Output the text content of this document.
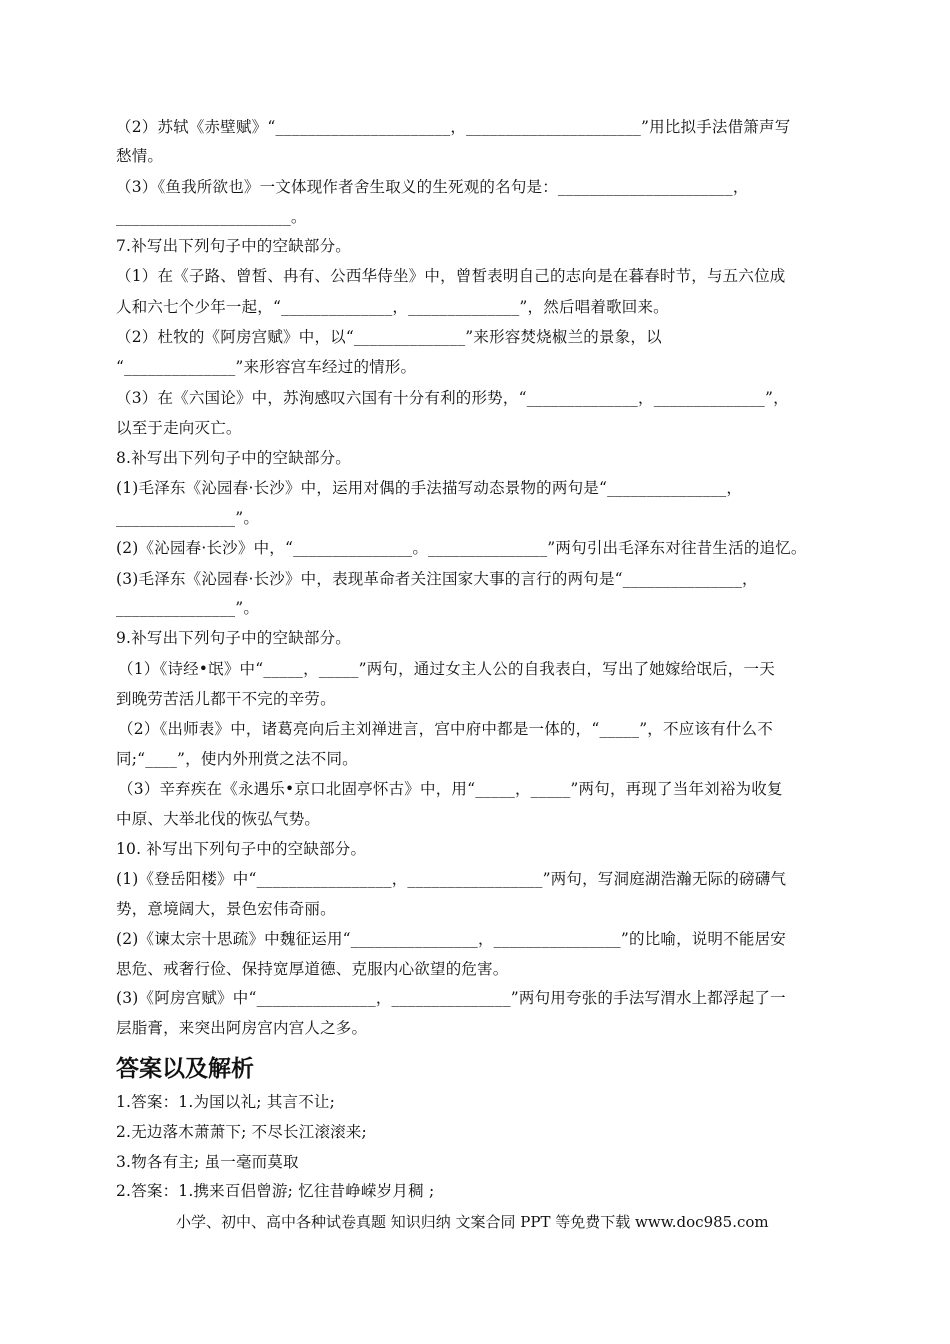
（2）苏轼《赤壁赋》“______________________，______________________”用比拟手法借箫声写
愁情。
（3）《鱼我所欲也》一文体现作者舍生取义的生死观的名句是：______________________，
______________________。
7.补写出下列句子中的空缺部分。
（1）在《子路、曾皙、冉有、公西华侍坐》中，曾皙表明自己的志向是在暮春时节，与五六位成
人和六七个少年一起，“______________，______________”，然后唱着歌回来。
（2）杜牧的《阿房宫赋》中，以“______________”来形容焚烧椒兰的景象，以
“______________”来形容宫车经过的情形。
（3）在《六国论》中，苏洵感叹六国有十分有利的形势，“______________，______________”，
以至于走向灭亡。
8.补写出下列句子中的空缺部分。
(1)毛泽东《沁园春·长沙》中，运用对偶的手法描写动态景物的两句是“_______________，
_______________”。
(2)《沁园春·长沙》中，“_______________。_______________”两句引出毛泽东对往昔生活的追忆。
(3)毛泽东《沁园春·长沙》中，表现革命者关注国家大事的言行的两句是“_______________，
_______________”。
9.补写出下列句子中的空缺部分。
（1）《诗经•氓》中“_____，_____”两句，通过女主人公的自我表白，写出了她嫁给氓后，一天
到晚劳苦活儿都干不完的辛劳。
（2）《出师表》中，诸葛亮向后主刘禅进言，宫中府中都是一体的，“_____”，不应该有什么不
同;“____”，使内外刑赏之法不同。
（3）辛弃疾在《永遇乐•京口北固亭怀古》中，用“_____，_____”两句，再现了当年刘裕为收复
中原、大举北伐的恢弘气势。
10. 补写出下列句子中的空缺部分。
(1)《登岳阳楼》中“_________________，_________________”两句，写洞庭湖浩瀚无际的磅礴气
势，意境阔大，景色宏伟奇丽。
(2)《谏太宗十思疏》中魏征运用“________________，________________”的比喻，说明不能居安
思危、戒奢行俭、保持宽厚道德、克服内心欲望的危害。
(3)《阿房宫赋》中“_______________，_______________”两句用夸张的手法写渭水上都浮起了一
层脂膏，来突出阿房宫内宫人之多。
答案以及解析
1.答案：1.为国以礼; 其言不让;
2.无边落木萧萧下; 不尽长江滚滚来;
3.物各有主; 虽一毫而莫取
2.答案：1.携来百侣曾游; 忆往昔峥嵘岁月稠 ;
小学、初中、高中各种试卷真题 知识归纳 文案合同 PPT 等免费下载 www.doc985.com
